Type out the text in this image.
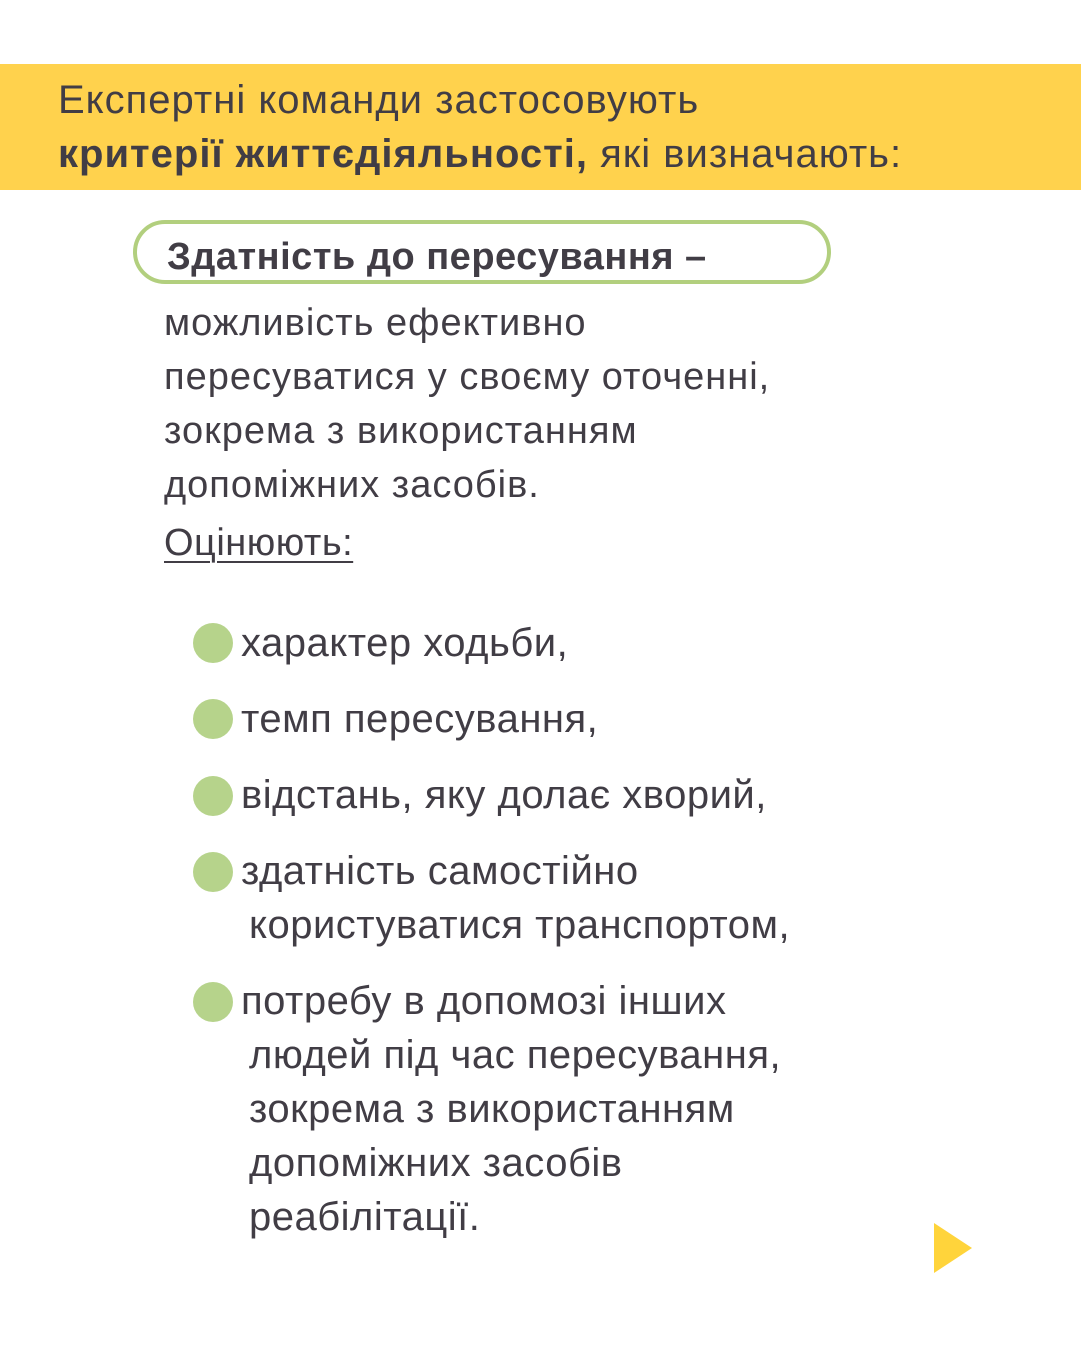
Експертні команди застосовують
критерії життєдіяльності, які визначають:
Здатність до пересування –
можливість ефективно
пересуватися у своєму оточенні,
зокрема з використанням
допоміжних засобів.
Оцінюють:
характер ходьби,
темп пересування,
відстань, яку долає хворий,
здатність самостійно
користуватися транспортом,
потребу в допомозі інших
людей під час пересування,
зокрема з використанням
допоміжних засобів
реабілітації.
